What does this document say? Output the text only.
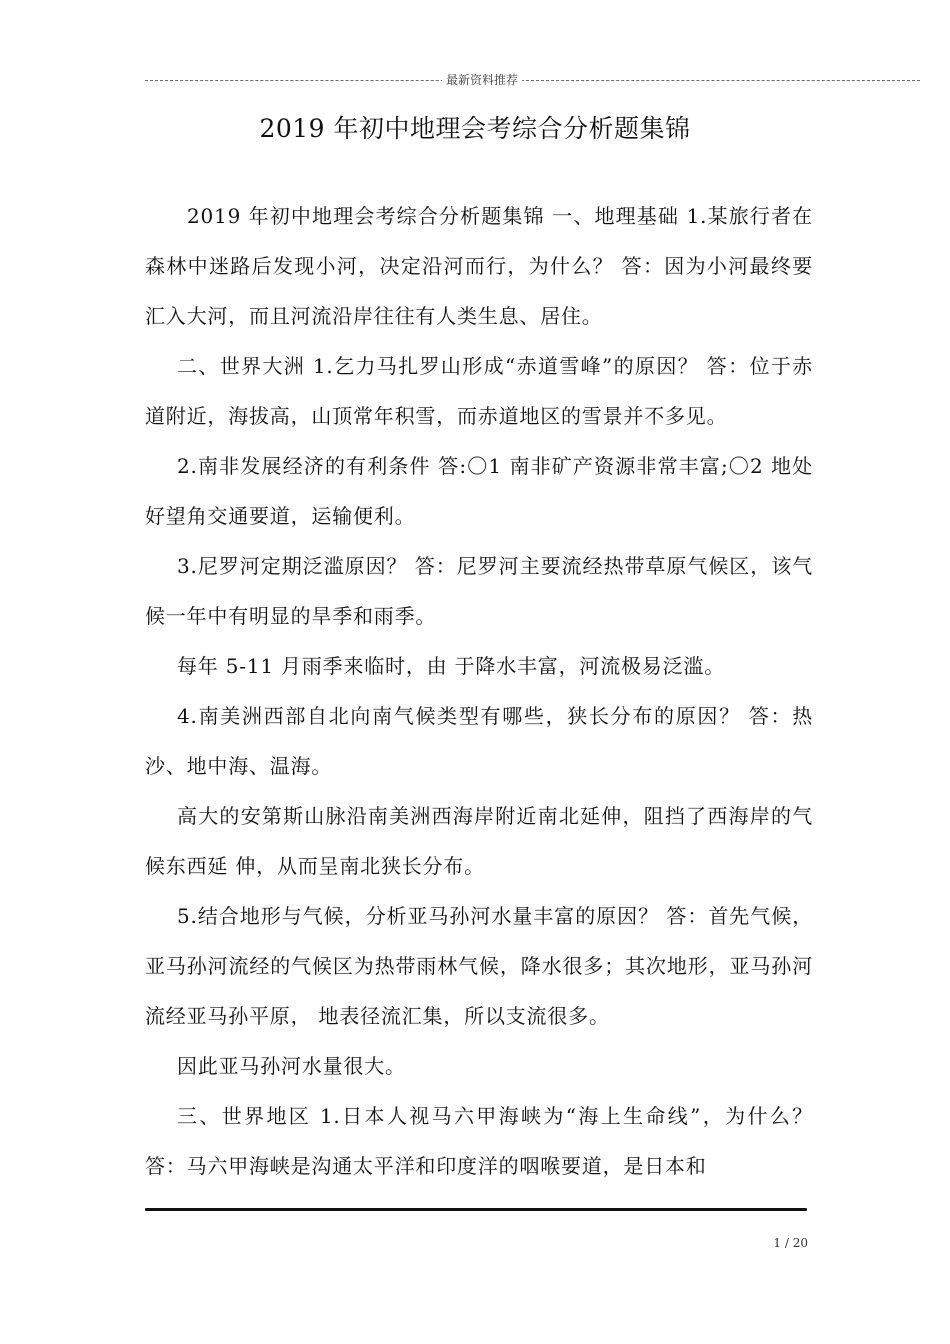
最新资料推荐
2019 年初中地理会考综合分析题集锦

2019 年初中地理会考综合分析题集锦 一、地理基础 1.某旅行者在森林中迷路后发现小河，决定沿河而行，为什么？ 答：因为小河最终要汇入大河，而且河流沿岸往往有人类生息、居住。

二、世界大洲 1.乞力马扎罗山形成“赤道雪峰”的原因？ 答：位于赤道附近，海拔高，山顶常年积雪，而赤道地区的雪景并不多见。

2.南非发展经济的有利条件 答:〇1 南非矿产资源非常丰富;〇2 地处好望角交通要道，运输便利。

3.尼罗河定期泛滥原因？ 答：尼罗河主要流经热带草原气候区，该气候一年中有明显的旱季和雨季。

每年 5-11 月雨季来临时，由 于降水丰富，河流极易泛滥。

4.南美洲西部自北向南气候类型有哪些，狭长分布的原因？ 答：热沙、地中海、温海。

高大的安第斯山脉沿南美洲西海岸附近南北延伸，阻挡了西海岸的气候东西延 伸，从而呈南北狭长分布。

5.结合地形与气候，分析亚马孙河水量丰富的原因？ 答：首先气候，亚马孙河流经的气候区为热带雨林气候，降水很多；其次地形，亚马孙河流经亚马孙平原， 地表径流汇集，所以支流很多。

因此亚马孙河水量很大。

三、世界地区 1.日本人视马六甲海峡为“海上生命线”，为什么？ 答：马六甲海峡是沟通太平洋和印度洋的咽喉要道，是日本和

1 / 20
